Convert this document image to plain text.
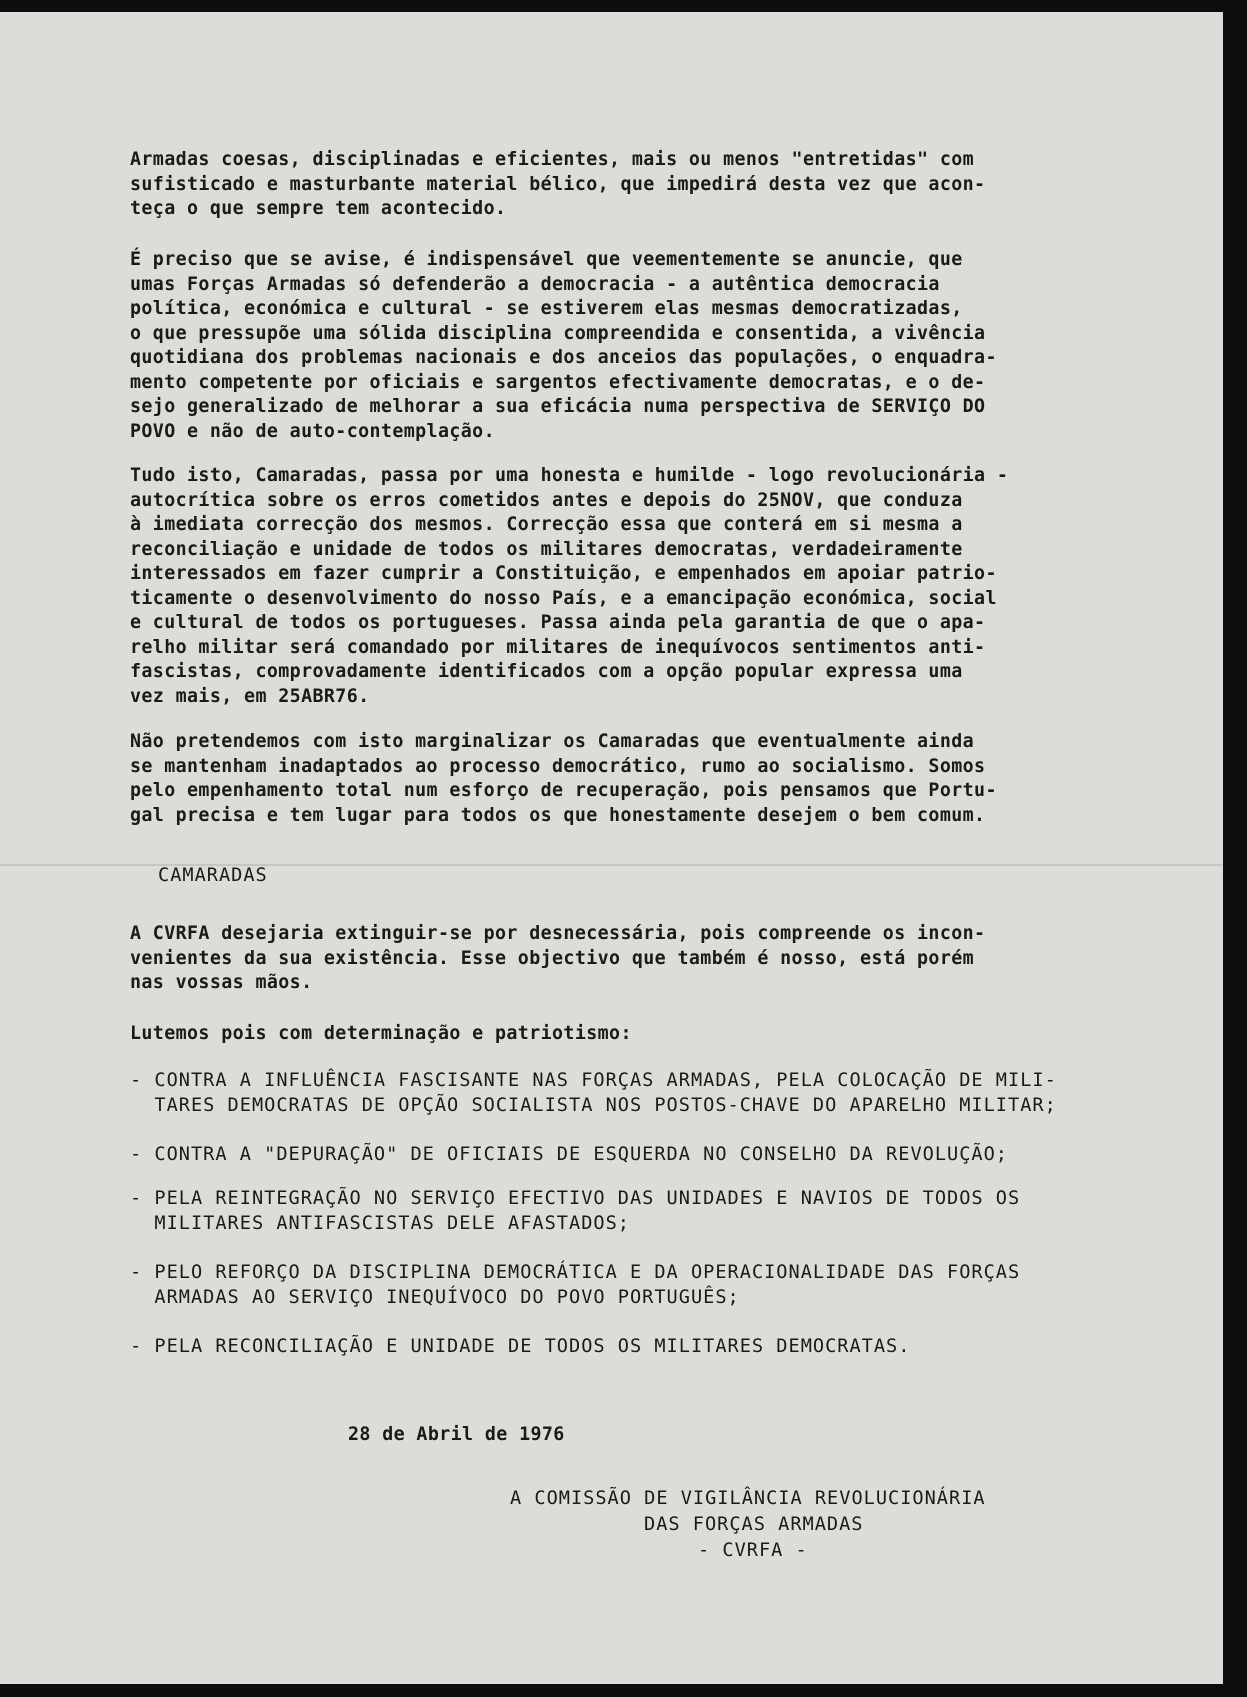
Armadas coesas, disciplinadas e eficientes, mais ou menos "entretidas" com
sufisticado e masturbante material bélico, que impedirá desta vez que acon-
teça o que sempre tem acontecido.

É preciso que se avise, é indispensável que veementemente se anuncie, que
umas Forças Armadas só defenderão a democracia - a autêntica democracia
política, económica e cultural - se estiverem elas mesmas democratizadas,
o que pressupõe uma sólida disciplina compreendida e consentida, a vivência
quotidiana dos problemas nacionais e dos anceios das populações, o enquadra-
mento competente por oficiais e sargentos efectivamente democratas, e o de-
sejo generalizado de melhorar a sua eficácia numa perspectiva de SERVIÇO DO
POVO e não de auto-contemplação.

Tudo isto, Camaradas, passa por uma honesta e humilde - logo revolucionária -
autocrítica sobre os erros cometidos antes e depois do 25NOV, que conduza
à imediata correcção dos mesmos. Correcção essa que conterá em si mesma a
reconciliação e unidade de todos os militares democratas, verdadeiramente
interessados em fazer cumprir a Constituição, e empenhados em apoiar patrio-
ticamente o desenvolvimento do nosso País, e a emancipação económica, social
e cultural de todos os portugueses. Passa ainda pela garantia de que o apa-
relho militar será comandado por militares de inequívocos sentimentos anti-
fascistas, comprovadamente identificados com a opção popular expressa uma
vez mais, em 25ABR76.

Não pretendemos com isto marginalizar os Camaradas que eventualmente ainda
se mantenham inadaptados ao processo democrático, rumo ao socialismo. Somos
pelo empenhamento total num esforço de recuperação, pois pensamos que Portu-
gal precisa e tem lugar para todos os que honestamente desejem o bem comum.

CAMARADAS

A CVRFA desejaria extinguir-se por desnecessária, pois compreende os incon-
venientes da sua existência. Esse objectivo que também é nosso, está porém
nas vossas mãos.

Lutemos pois com determinação e patriotismo:

- CONTRA A INFLUÊNCIA FASCISANTE NAS FORÇAS ARMADAS, PELA COLOCAÇÃO DE MILI-
TARES DEMOCRATAS DE OPÇÃO SOCIALISTA NOS POSTOS-CHAVE DO APARELHO MILITAR;

- CONTRA A "DEPURAÇÃO" DE OFICIAIS DE ESQUERDA NO CONSELHO DA REVOLUÇÃO;

- PELA REINTEGRAÇÃO NO SERVIÇO EFECTIVO DAS UNIDADES E NAVIOS DE TODOS OS
MILITARES ANTIFASCISTAS DELE AFASTADOS;

- PELO REFORÇO DA DISCIPLINA DEMOCRÁTICA E DA OPERACIONALIDADE DAS FORÇAS
ARMADAS AO SERVIÇO INEQUÍVOCO DO POVO PORTUGUÊS;

- PELA RECONCILIAÇÃO E UNIDADE DE TODOS OS MILITARES DEMOCRATAS.

28 de Abril de 1976

A COMISSÃO DE VIGILÂNCIA REVOLUCIONÁRIA

DAS FORÇAS ARMADAS

- CVRFA -
